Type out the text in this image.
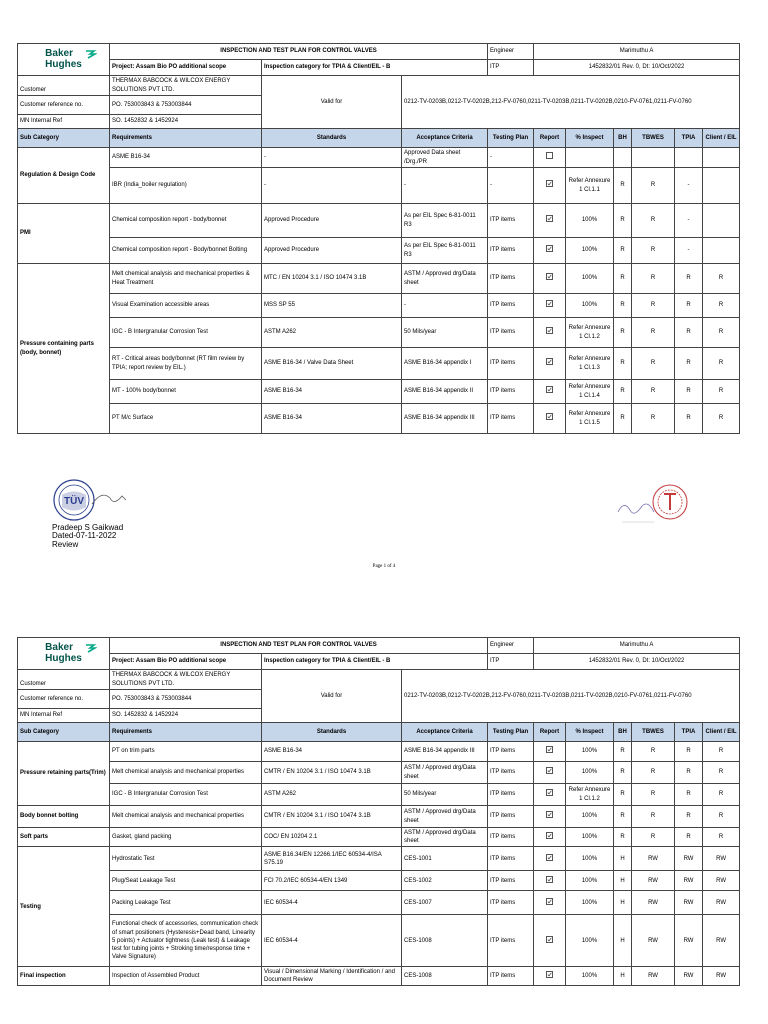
Baker
Hughes	INSPECTION AND TEST PLAN FOR CONTROL VALVES			Engineer	Marimuthu A					
	Project: Assam Bio PO additional scope	Inspection category for TPIA & Client/EIL - B		ITP	1452832/01 Rev. 0, Dt: 10/Oct/2022					
Customer	THERMAX BABCOCK & WILCOX ENERGY SOLUTIONS PVT LTD.	Valid for	0212-TV-0203B,0212-TV-0202B,212-FV-0760,0211-TV-0203B,0211-TV-0202B,0210-FV-0761,0211-FV-0760							
Customer reference no.	PO. 753003843 & 753003844									
MN Internal Ref	SO. 1452832 & 1452924									
Sub Category	Requirements	Standards	Acceptance Criteria	Testing Plan	Report	% Inspect	BH	TBWES	TPIA	Client / EIL
Regulation & Design Code	ASME B16-34	-	Approved Data sheet /Drg./PR	-						
	IBR (India_boiler regulation)	-	-	-		Refer Annexure 1 Cl.1.1	R	R	-	
PMI	Chemical composition report - body/bonnet	Approved Procedure	As per EIL Spec 6-81-0011 R3	ITP items		100%	R	R	-	
	Chemical composition report - Body/bonnet Bolting	Approved Procedure	As per EIL Spec 6-81-0011 R3	ITP items		100%	R	R	-	
Pressure containing parts (body, bonnet)	Melt chemical analysis and mechanical properties & Heat Treatment	MTC / EN 10204 3.1 / ISO 10474 3.1B	ASTM / Approved drg/Data sheet	ITP items		100%	R	R	R	R
	Visual Examination accessible areas	MSS SP 55	-	ITP items		100%	R	R	R	R
	IGC - B Intergranular Corrosion Test	ASTM A262	50 Mils/year	ITP items		Refer Annexure 1 Cl.1.2	R	R	R	R
	RT - Critical areas body/bonnet (RT film review by TPIA; report review by EIL.)	ASME B16-34 / Valve Data Sheet	ASME B16-34 appendix I	ITP items		Refer Annexure 1 Cl.1.3	R	R	R	R
	MT - 100% body/bonnet	ASME B16-34	ASME B16-34 appendix II	ITP items		Refer Annexure 1 Cl.1.4	R	R	R	R
	PT M/c Surface	ASME B16-34	ASME B16-34 appendix III	ITP items		Refer Annexure 1 Cl.1.5	R	R	R	R
TÜV
Pradeep S Gaikwad
Dated-07-11-2022
Review
Page 1 of 4
Baker
Hughes	INSPECTION AND TEST PLAN FOR CONTROL VALVES			Engineer	Marimuthu A					
	Project: Assam Bio PO additional scope	Inspection category for TPIA & Client/EIL - B		ITP	1452832/01 Rev. 0, Dt: 10/Oct/2022					
Customer	THERMAX BABCOCK & WILCOX ENERGY SOLUTIONS PVT LTD.	Valid for	0212-TV-0203B,0212-TV-0202B,212-FV-0760,0211-TV-0203B,0211-TV-0202B,0210-FV-0761,0211-FV-0760							
Customer reference no.	PO. 753003843 & 753003844									
MN Internal Ref	SO. 1452832 & 1452924									
Sub Category	Requirements	Standards	Acceptance Criteria	Testing Plan	Report	% Inspect	BH	TBWES	TPIA	Client / EIL
Pressure retaining parts(Trim)	PT on trim parts	ASME B16-34	ASME B16-34 appendix III	ITP items		100%	R	R	R	R
	Melt chemical analysis and mechanical properties	CMTR / EN 10204 3.1 / ISO 10474 3.1B	ASTM / Approved drg/Data sheet	ITP items		100%	R	R	R	R
	IGC - B Intergranular Corrosion Test	ASTM A262	50 Mils/year	ITP items		Refer Annexure 1 Cl.1.2	R	R	R	R
Body bonnet bolting	Melt chemical analysis and mechanical properties	CMTR / EN 10204 3.1 / ISO 10474 3.1B	ASTM / Approved drg/Data sheet	ITP items		100%	R	R	R	R
Soft parts	Gasket, gland packing	COC/ EN 10204 2.1	ASTM / Approved drg/Data sheet	ITP items		100%	R	R	R	R
Testing	Hydrostatic Test	ASME B16.34/EN 12266.1/IEC 60534-4/ISA S75.19	CES-1001	ITP items		100%	H	RW	RW	RW
	Plug/Seat Leakage Test	FCI 70.2/IEC 60534-4/EN 1349	CES-1002	ITP items		100%	H	RW	RW	RW
	Packing Leakage Test	IEC 60534-4	CES-1007	ITP items		100%	H	RW	RW	RW
	Functional check of accessories, communication check of smart positioners (Hysteresis+Dead band, Linearity 5 points) + Actuator tightness (Leak test) & Leakage test for tubing joints + Stroking time/response time + Valve Signature)	IEC 60534-4	CES-1008	ITP items		100%	H	RW	RW	RW
Final inspection	Inspection of Assembled Product	Visual / Dimensional Marking / Identification / and Document Review	CES-1008	ITP items		100%	H	RW	RW	RW
